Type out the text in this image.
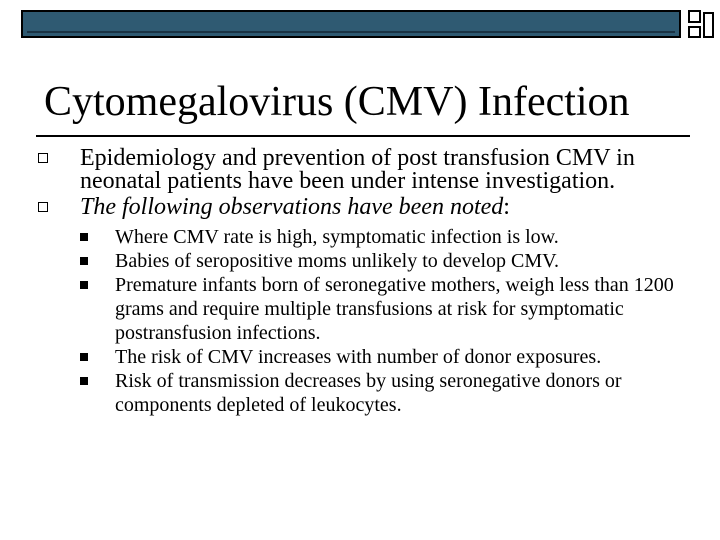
Cytomegalovirus (CMV) Infection

Epidemiology and prevention of post transfusion CMV in neonatal patients have been under intense investigation.

The following observations have been noted:

Where CMV rate is high, symptomatic infection is low.

Babies of seropositive moms unlikely to develop CMV.

Premature infants born of seronegative mothers, weigh less than 1200 grams and require multiple transfusions at risk for symptomatic postransfusion infections.

The risk of CMV increases with number of donor exposures.

Risk of transmission decreases by using seronegative donors or components depleted of leukocytes.
